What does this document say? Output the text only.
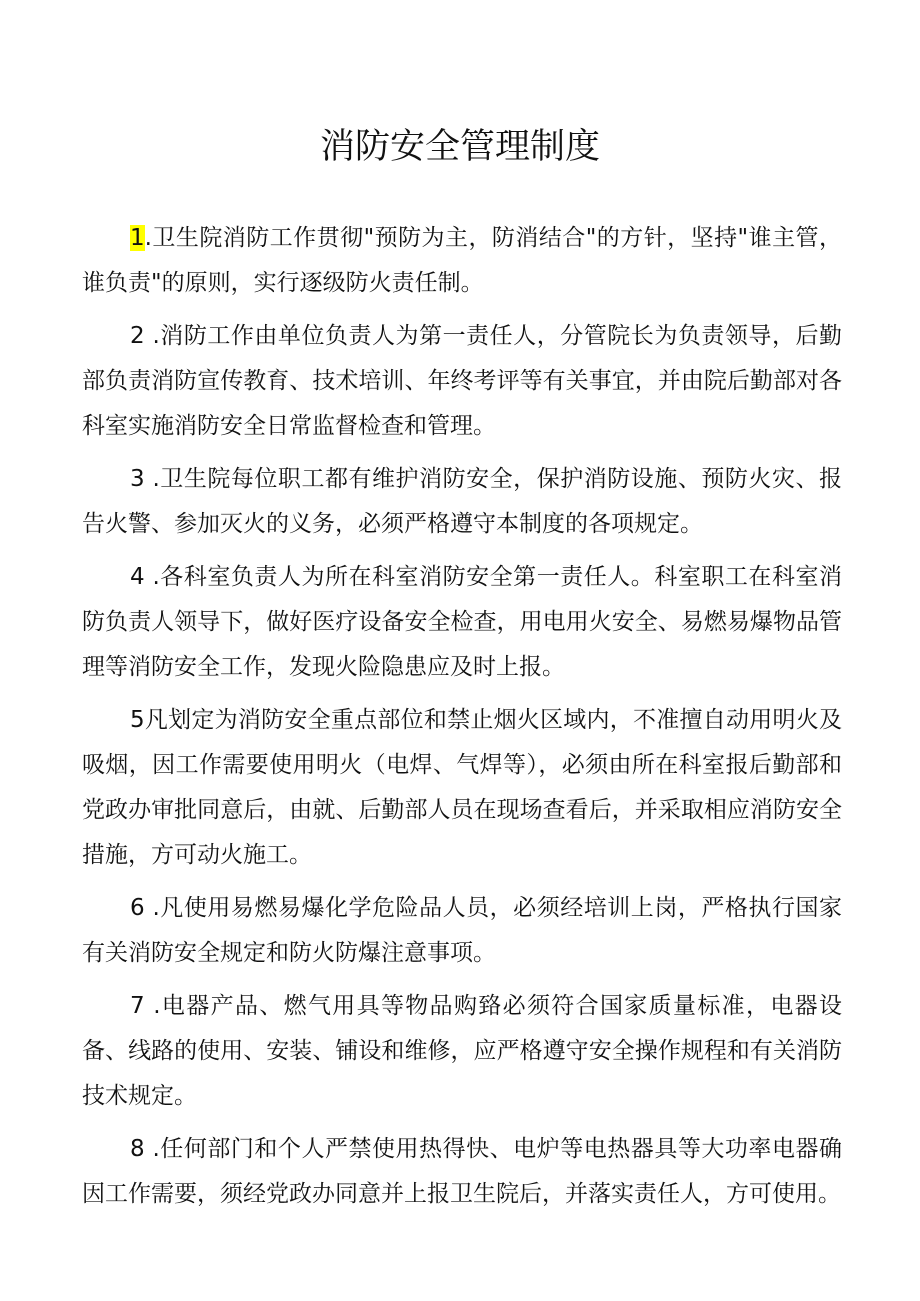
消防安全管理制度

1.卫生院消防工作贯彻"预防为主，防消结合"的方针，坚持"谁主管，谁负责"的原则，实行逐级防火责任制。

2 .消防工作由单位负责人为第一责任人，分管院长为负责领导，后勤部负责消防宣传教育、技术培训、年终考评等有关事宜，并由院后勤部对各科室实施消防安全日常监督检查和管理。

3 .卫生院每位职工都有维护消防安全，保护消防设施、预防火灾、报告火警、参加灭火的义务，必须严格遵守本制度的各项规定。

4 .各科室负责人为所在科室消防安全第一责任人。科室职工在科室消防负责人领导下，做好医疗设备安全检查，用电用火安全、易燃易爆物品管理等消防安全工作，发现火险隐患应及时上报。

5凡划定为消防安全重点部位和禁止烟火区域内，不准擅自动用明火及吸烟，因工作需要使用明火（电焊、气焊等），必须由所在科室报后勤部和党政办审批同意后，由就、后勤部人员在现场查看后，并采取相应消防安全措施，方可动火施工。

6 .凡使用易燃易爆化学危险品人员，必须经培训上岗，严格执行国家有关消防安全规定和防火防爆注意事项。

7 .电器产品、燃气用具等物品购臵必须符合国家质量标准，电器设备、线路的使用、安装、铺设和维修，应严格遵守安全操作规程和有关消防技术规定。

8 .任何部门和个人严禁使用热得快、电炉等电热器具等大功率电器确因工作需要，须经党政办同意并上报卫生院后，并落实责任人，方可使用。
